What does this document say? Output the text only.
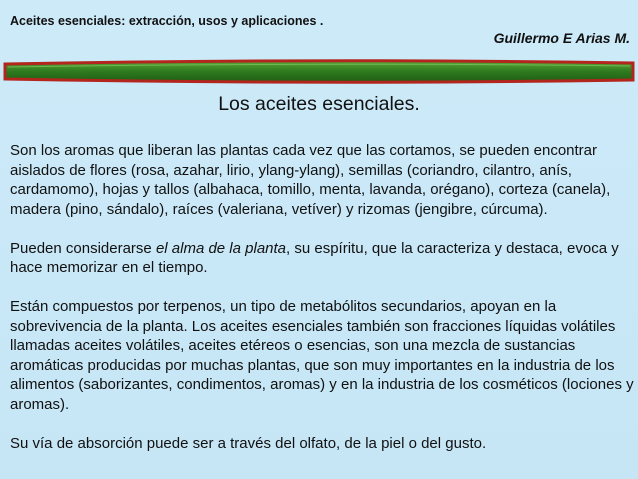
Aceites esenciales: extracción, usos y aplicaciones .
Guillermo E Arias M.
Los aceites esenciales.

Son los aromas que liberan las plantas cada vez que las cortamos, se pueden encontrar aislados de flores (rosa, azahar, lirio, ylang-ylang), semillas (coriandro, cilantro, anís, cardamomo), hojas y tallos (albahaca, tomillo, menta, lavanda, orégano), corteza (canela), madera (pino, sándalo), raíces (valeriana, vetíver) y rizomas (jengibre, cúrcuma).

Pueden considerarse el alma de la planta, su espíritu, que la caracteriza y destaca, evoca y hace memorizar en el tiempo.

Están compuestos por terpenos, un tipo de metabólitos secundarios, apoyan en la sobrevivencia de la planta. Los aceites esenciales también son fracciones líquidas volátiles llamadas aceites volátiles, aceites etéreos o esencias, son una mezcla de sustancias aromáticas producidas por muchas plantas, que son muy importantes en la industria de los alimentos (saborizantes, condimentos, aromas) y en la industria de los cosméticos (lociones y aromas).

Su vía de absorción puede ser a través del olfato, de la piel o del gusto.
